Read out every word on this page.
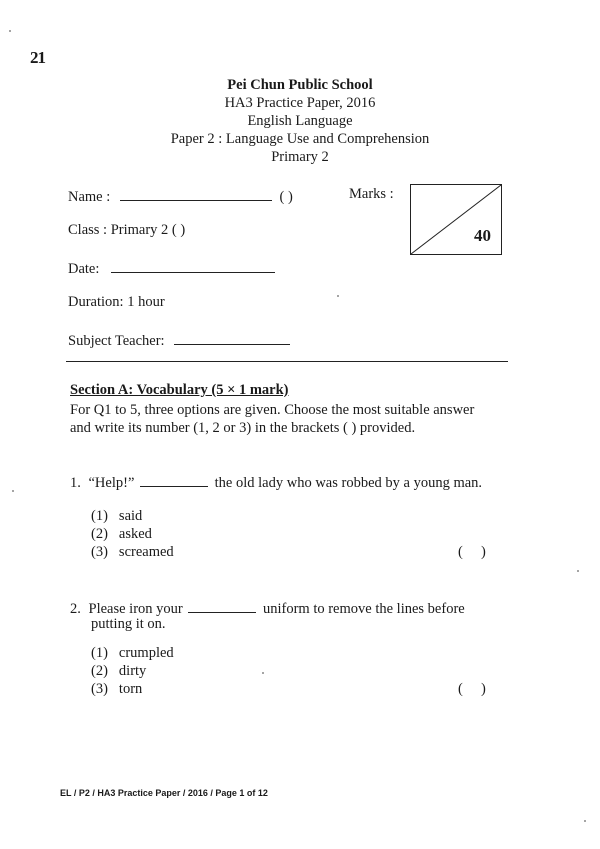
21
Pei Chun Public School
HA3 Practice Paper, 2016
English Language
Paper 2 : Language Use and Comprehension
Primary 2
Name :	( )	Marks :
40
Class : Primary 2 ( )
Date:
Duration: 1 hour
Subject Teacher:
Section A: Vocabulary (5 × 1 mark)
For Q1 to 5, three options are given. Choose the most suitable answer
and write its number (1, 2 or 3) in the brackets ( ) provided.
1. “Help!”	the old lady who was robbed by a young man.
(1) said
(2) asked
(3) screamed	(     )
2. Please iron your	uniform to remove the lines before
putting it on.
(1) crumpled
(2) dirty
(3) torn	(     )
EL / P2 / HA3 Practice Paper / 2016 / Page 1 of 12
